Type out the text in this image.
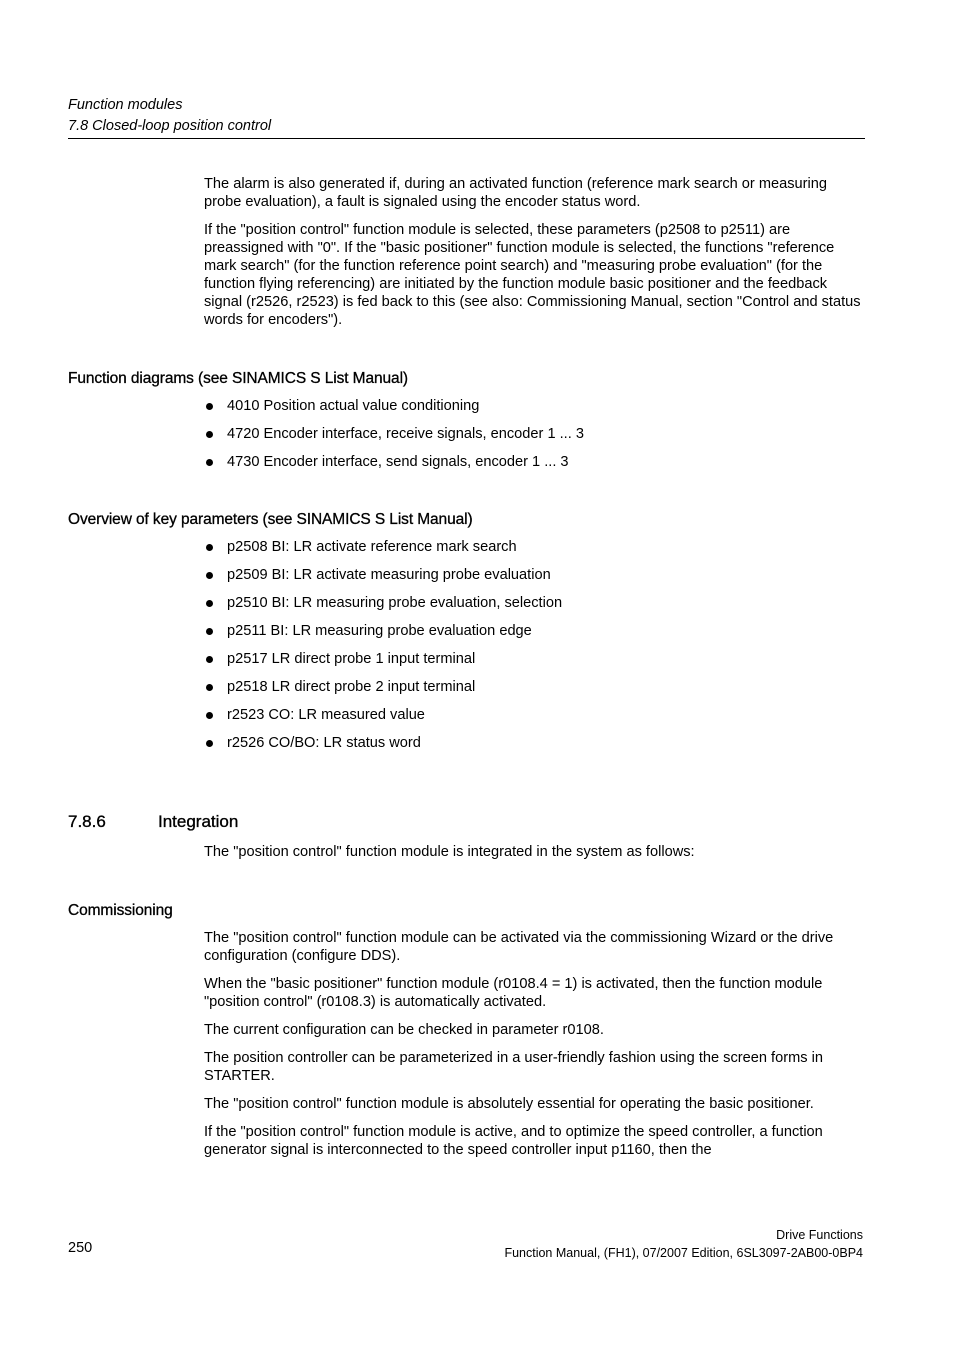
Function modules
7.8 Closed-loop position control

The alarm is also generated if, during an activated function (reference mark search or measuring probe evaluation), a fault is signaled using the encoder status word.

If the "position control" function module is selected, these parameters (p2508 to p2511) are preassigned with "0". If the "basic positioner" function module is selected, the functions "reference mark search" (for the function reference point search) and "measuring probe evaluation" (for the function flying referencing) are initiated by the function module basic positioner and the feedback signal (r2526, r2523) is fed back to this (see also: Commissioning Manual, section "Control and status words for encoders").

Function diagrams (see SINAMICS S List Manual)
4010 Position actual value conditioning
4720 Encoder interface, receive signals, encoder 1 ... 3
4730 Encoder interface, send signals, encoder 1 ... 3
Overview of key parameters (see SINAMICS S List Manual)
p2508 BI: LR activate reference mark search
p2509 BI: LR activate measuring probe evaluation
p2510 BI: LR measuring probe evaluation, selection
p2511 BI: LR measuring probe evaluation edge
p2517 LR direct probe 1 input terminal
p2518 LR direct probe 2 input terminal
r2523 CO: LR measured value
r2526 CO/BO: LR status word
7.8.6	Integration

The "position control" function module is integrated in the system as follows:

Commissioning

The "position control" function module can be activated via the commissioning Wizard or the drive configuration (configure DDS).

When the "basic positioner" function module (r0108.4 = 1) is activated, then the function module "position control" (r0108.3) is automatically activated.

The current configuration can be checked in parameter r0108.

The position controller can be parameterized in a user-friendly fashion using the screen forms in STARTER.

The "position control" function module is absolutely essential for operating the basic positioner.

If the "position control" function module is active, and to optimize the speed controller, a function generator signal is interconnected to the speed controller input p1160, then the

250
Drive Functions
Function Manual, (FH1), 07/2007 Edition, 6SL3097-2AB00-0BP4
